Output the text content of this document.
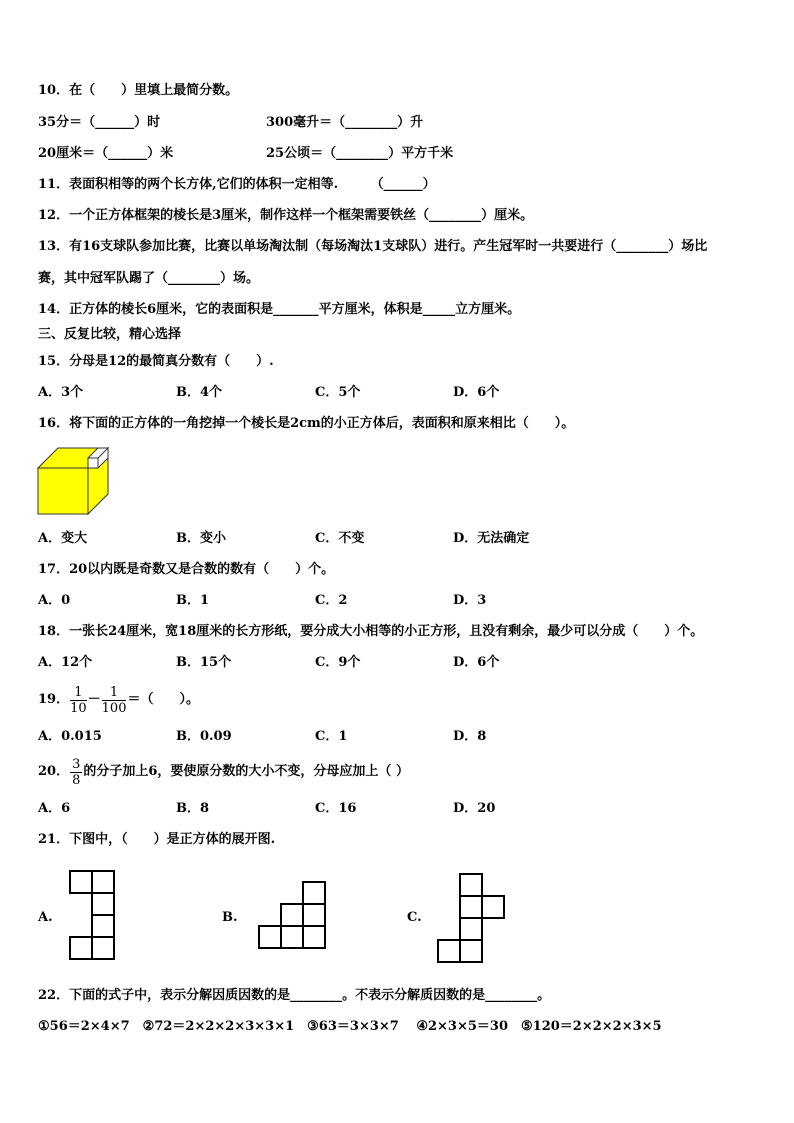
10．在（　　）里填上最简分数。
35分＝（______）时	300毫升＝（________）升
20厘米＝（______）米	25公顷＝（________）平方千米
11．表面积相等的两个长方体,它们的体积一定相等.　　　（______）
12．一个正方体框架的棱长是3厘米，制作这样一个框架需要铁丝（________）厘米。
13．有16支球队参加比赛，比赛以单场淘汰制（每场淘汰1支球队）进行。产生冠军时一共要进行（________）场比
赛，其中冠军队踢了（________）场。
14．正方体的棱长6厘米，它的表面积是_______平方厘米，体积是_____立方厘米。
三、反复比较，精心选择
15．分母是12的最简真分数有（　　）.
A．3个	B．4个	C．5个	D．6个
16．将下面的正方体的一角挖掉一个棱长是2cm的小正方体后，表面积和原来相比（　　）。
A．变大	B．变小	C．不变	D．无法确定
17．20以内既是奇数又是合数的数有（　　）个。
A．0	B．1	C．2	D．3
18．一张长24厘米，宽18厘米的长方形纸，要分成大小相等的小正方形，且没有剩余，最少可以分成（　　）个。
A．12个	B．15个	C．9个	D．6个
19． $\frac{1}{10} - \frac{1}{100}$ ＝（　　）。
A．0.015	B．0.09	C．1	D．8
20． $\frac{3}{8}$ 的分子加上6，要使原分数的大小不变，分母应加上（ ）
A．6	B．8	C．16	D．20
21．下图中，（　　）是正方体的展开图.
A.	B.	C.
22．下面的式子中，表示分解因质因数的是________。不表示分解质因数的是________。
①56＝2×4×7　②72＝2×2×2×3×3×1　③63＝3×3×7　 ④2×3×5＝30　⑤120＝2×2×2×3×5
